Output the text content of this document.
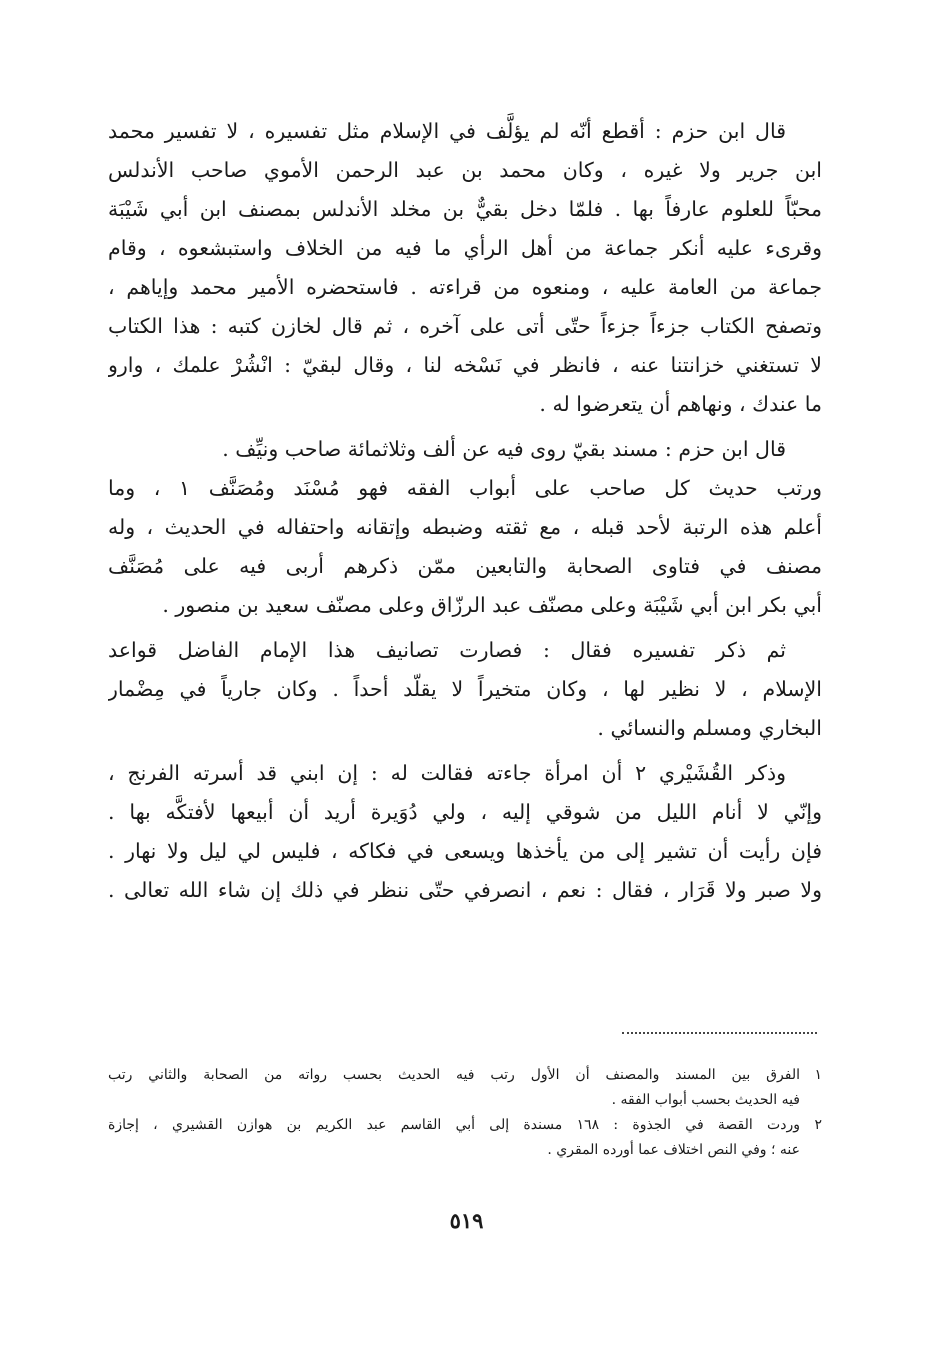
قال ابن حزم : أقطع أنّه لم يؤلَّف في الإسلام مثل تفسيره ، لا تفسير محمد
ابن جرير ولا غيره ، وكان محمد بن عبد الرحمن الأموي صاحب الأندلس
محبّاً للعلوم عارفاً بها . فلمّا دخل بقيٌّ بن مخلد الأندلس بمصنف ابن أبي شَيْبَة
وقرىء عليه أنكر جماعة من أهل الرأي ما فيه من الخلاف واستبشعوه ، وقام
جماعة من العامة عليه ، ومنعوه من قراءته . فاستحضره الأمير محمد وإياهم ،
وتصفح الكتاب جزءاً جزءاً حتّى أتى على آخره ، ثم قال لخازن كتبه : هذا الكتاب
لا تستغني خزانتنا عنه ، فانظر في نَسْخه لنا ، وقال لبقيّ : انْشُرْ علمك ، وارو
ما عندك ، ونهاهم أن يتعرضوا له .
قال ابن حزم : مسند بقيّ روى فيه عن ألف وثلاثمائة صاحب ونيِّف .
ورتب حديث كل صاحب على أبواب الفقه فهو مُسْنَد ومُصَنَّف ١ ، وما
أعلم هذه الرتبة لأحد قبله ، مع ثقته وضبطه وإتقانه واحتفاله في الحديث ، وله
مصنف في فتاوى الصحابة والتابعين ممّن ذكرهم أربى فيه على مُصَنَّف
أبي بكر ابن أبي شَيْبَة وعلى مصنّف عبد الرزّاق وعلى مصنّف سعيد بن منصور .
ثم ذكر تفسيره فقال : فصارت تصانيف هذا الإمام الفاضل قواعد
الإسلام ، لا نظير لها ، وكان متخيراً لا يقلّد أحداً . وكان جارياً في مِضْمار
البخاري ومسلم والنسائي .
وذكر القُشَيْري ٢ أن امرأة جاءته فقالت له : إن ابني قد أسرته الفرنج ،
وإنّي لا أنام الليل من شوقي إليه ، ولي دُوَيرة أريد أن أبيعها لأفتكَّه بها .
فإن رأيت أن تشير إلى من يأخذها ويسعى في فكاكه ، فليس لي ليل ولا نهار .
ولا صبر ولا قَرَار ، فقال : نعم ، انصرفي حتّى ننظر في ذلك إن شاء الله تعالى .
١
الفرق بين المسند والمصنف أن الأول رتب فيه الحديث بحسب رواته من الصحابة والثاني رتب
فيه الحديث بحسب أبواب الفقه .
٢
وردت القصة في الجذوة : ١٦٨ مسندة إلى أبي القاسم عبد الكريم بن هوازن القشيري ، إجازة
عنه ؛ وفي النص اختلاف عما أورده المقري .
٥١٩
